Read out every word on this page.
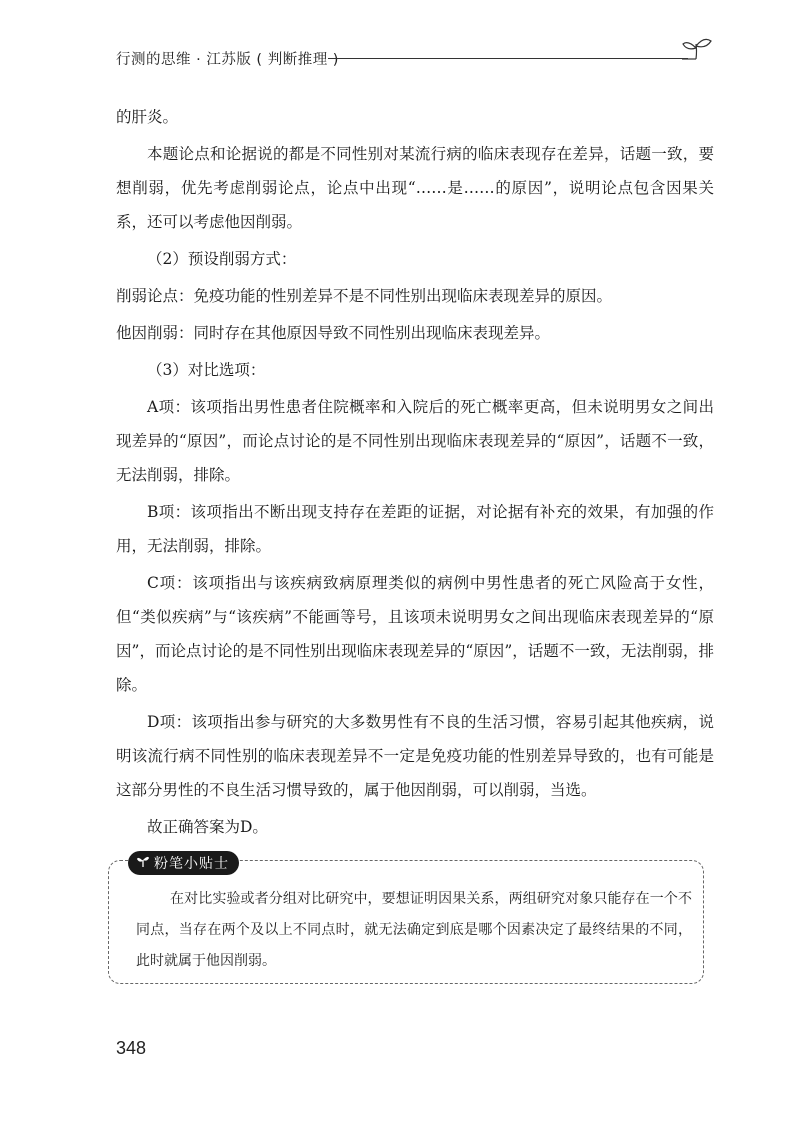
行测的思维 · 江苏版 ( 判断推理 )

的肝炎。

本题论点和论据说的都是不同性别对某流行病的临床表现存在差异，话题一致，要想削弱，优先考虑削弱论点，论点中出现“……是……的原因”，说明论点包含因果关系，还可以考虑他因削弱。

（2）预设削弱方式：

削弱论点：免疫功能的性别差异不是不同性别出现临床表现差异的原因。

他因削弱：同时存在其他原因导致不同性别出现临床表现差异。

（3）对比选项：

A项：该项指出男性患者住院概率和入院后的死亡概率更高，但未说明男女之间出现差异的“原因”，而论点讨论的是不同性别出现临床表现差异的“原因”，话题不一致，无法削弱，排除。

B项：该项指出不断出现支持存在差距的证据，对论据有补充的效果，有加强的作用，无法削弱，排除。

C项：该项指出与该疾病致病原理类似的病例中男性患者的死亡风险高于女性，但“类似疾病”与“该疾病”不能画等号，且该项未说明男女之间出现临床表现差异的“原因”，而论点讨论的是不同性别出现临床表现差异的“原因”，话题不一致，无法削弱，排除。

D项：该项指出参与研究的大多数男性有不良的生活习惯，容易引起其他疾病，说明该流行病不同性别的临床表现差异不一定是免疫功能的性别差异导致的，也有可能是这部分男性的不良生活习惯导致的，属于他因削弱，可以削弱，当选。

故正确答案为D。

粉笔小贴士

在对比实验或者分组对比研究中，要想证明因果关系，两组研究对象只能存在一个不同点，当存在两个及以上不同点时，就无法确定到底是哪个因素决定了最终结果的不同，此时就属于他因削弱。

348
